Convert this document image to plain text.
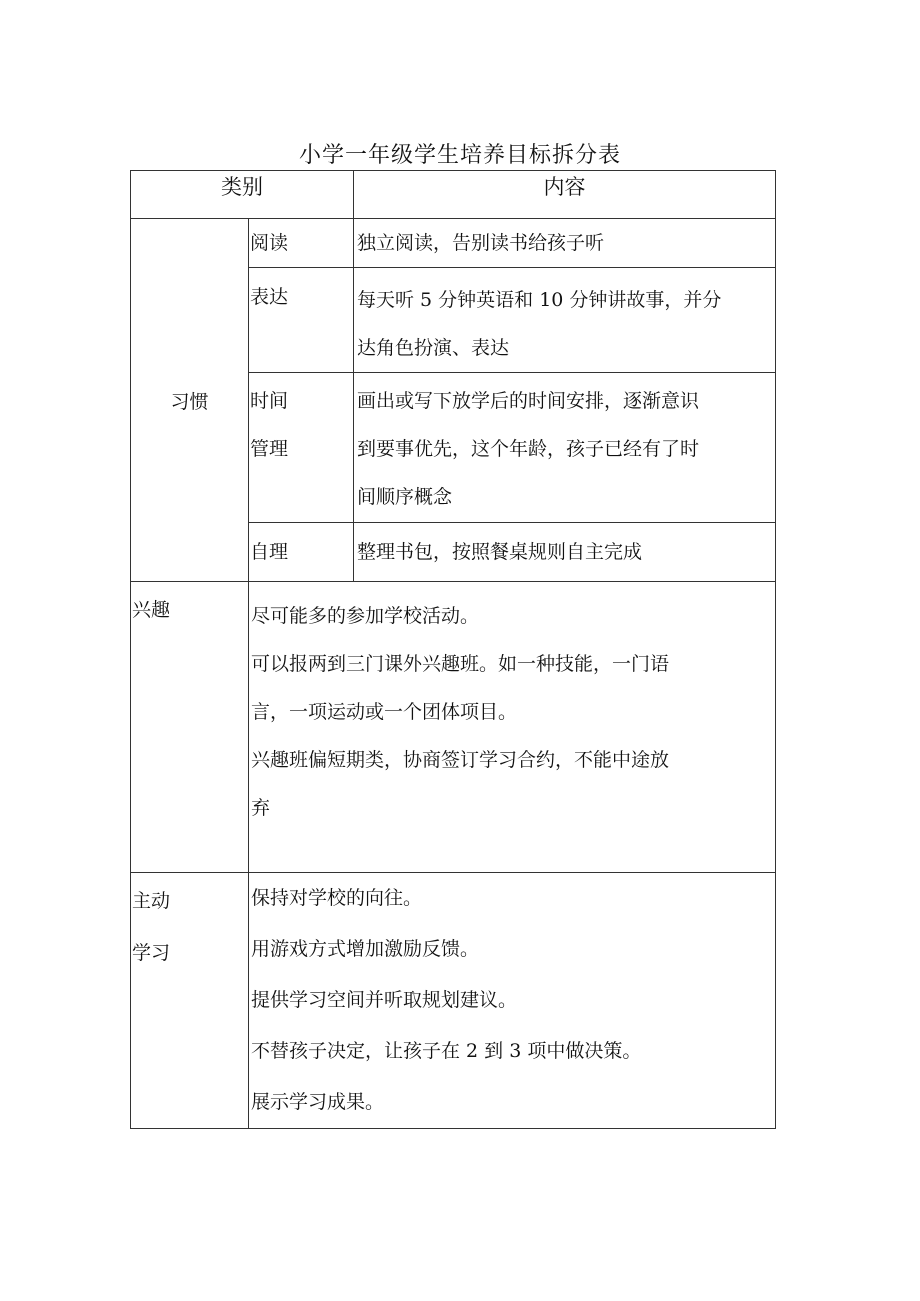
小学一年级学生培养目标拆分表
类别		内容
习惯	阅读	独立阅读，告别读书给孩子听

	表达	每天听 5 分钟英语和 10 分钟讲故事，并分
达角色扮演、表达

	时间
管理	画出或写下放学后的时间安排，逐渐意识
到要事优先，这个年龄，孩子已经有了时
间顺序概念

	自理	整理书包，按照餐桌规则自主完成

兴趣	尽可能多的参加学校活动。
可以报两到三门课外兴趣班。如一种技能，一门语
言，一项运动或一个团体项目。
兴趣班偏短期类，协商签订学习合约，不能中途放
弃	

主动
学习	保持对学校的向往。
用游戏方式增加激励反馈。
提供学习空间并听取规划建议。
不替孩子决定，让孩子在 2 到 3 项中做决策。
展示学习成果。	
